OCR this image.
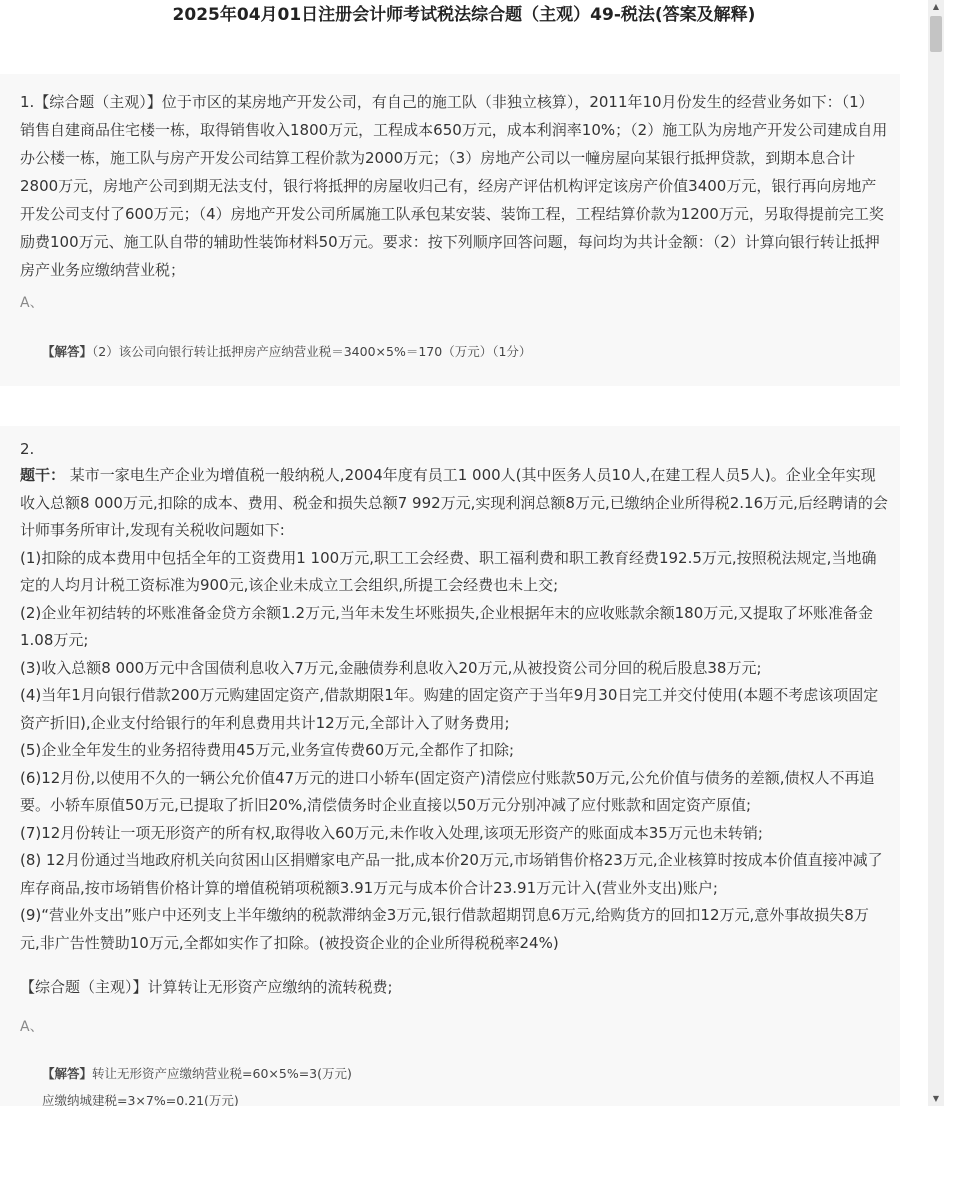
2025年04月01日注册会计师考试税法综合题（主观）49-税法(答案及解释)
1.【综合题（主观）】位于市区的某房地产开发公司，有自己的施工队（非独立核算），2011年10月份发生的经营业务如下：（1）销售自建商品住宅楼一栋，取得销售收入1800万元，工程成本650万元，成本利润率10%；（2）施工队为房地产开发公司建成自用办公楼一栋，施工队与房产开发公司结算工程价款为2000万元；（3）房地产公司以一幢房屋向某银行抵押贷款，到期本息合计2800万元，房地产公司到期无法支付，银行将抵押的房屋收归己有，经房产评估机构评定该房产价值3400万元，银行再向房地产开发公司支付了600万元；（4）房地产开发公司所属施工队承包某安装、装饰工程，工程结算价款为1200万元，另取得提前完工奖励费100万元、施工队自带的辅助性装饰材料50万元。要求：按下列顺序回答问题，每问均为共计金额：（2）计算向银行转让抵押房产业务应缴纳营业税；
A、
【解答】（2）该公司向银行转让抵押房产应纳营业税＝3400×5%＝170（万元）（1分）
2.

题干： 某市一家电生产企业为增值税一般纳税人,2004年度有员工1 000人(其中医务人员10人,在建工程人员5人)。企业全年实现收入总额8 000万元,扣除的成本、费用、税金和损失总额7 992万元,实现利润总额8万元,已缴纳企业所得税2.16万元,后经聘请的会计师事务所审计,发现有关税收问题如下:

(1)扣除的成本费用中包括全年的工资费用1 100万元,职工工会经费、职工福利费和职工教育经费192.5万元,按照税法规定,当地确定的人均月计税工资标准为900元,该企业未成立工会组织,所提工会经费也未上交;

(2)企业年初结转的坏账准备金贷方余额1.2万元,当年未发生坏账损失,企业根据年末的应收账款余额180万元,又提取了坏账准备金1.08万元;

(3)收入总额8 000万元中含国债利息收入7万元,金融债券利息收入20万元,从被投资公司分回的税后股息38万元;

(4)当年1月向银行借款200万元购建固定资产,借款期限1年。购建的固定资产于当年9月30日完工并交付使用(本题不考虑该项固定资产折旧),企业支付给银行的年利息费用共计12万元,全部计入了财务费用;

(5)企业全年发生的业务招待费用45万元,业务宣传费60万元,全都作了扣除;

(6)12月份,以使用不久的一辆公允价值47万元的进口小轿车(固定资产)清偿应付账款50万元,公允价值与债务的差额,债权人不再追要。小轿车原值50万元,已提取了折旧20%,清偿债务时企业直接以50万元分别冲减了应付账款和固定资产原值;

(7)12月份转让一项无形资产的所有权,取得收入60万元,未作收入处理,该项无形资产的账面成本35万元也未转销;

(8) 12月份通过当地政府机关向贫困山区捐赠家电产品一批,成本价20万元,市场销售价格23万元,企业核算时按成本价值直接冲减了库存商品,按市场销售价格计算的增值税销项税额3.91万元与成本价合计23.91万元计入(营业外支出)账户;

(9)“营业外支出”账户中还列支上半年缴纳的税款滞纳金3万元,银行借款超期罚息6万元,给购货方的回扣12万元,意外事故损失8万元,非广告性赞助10万元,全都如实作了扣除。(被投资企业的企业所得税税率24%)

【综合题（主观）】计算转让无形资产应缴纳的流转税费;
A、
【解答】转让无形资产应缴纳营业税=60×5%=3(万元)
应缴纳城建税=3×7%=0.21(万元)
▲
▼
